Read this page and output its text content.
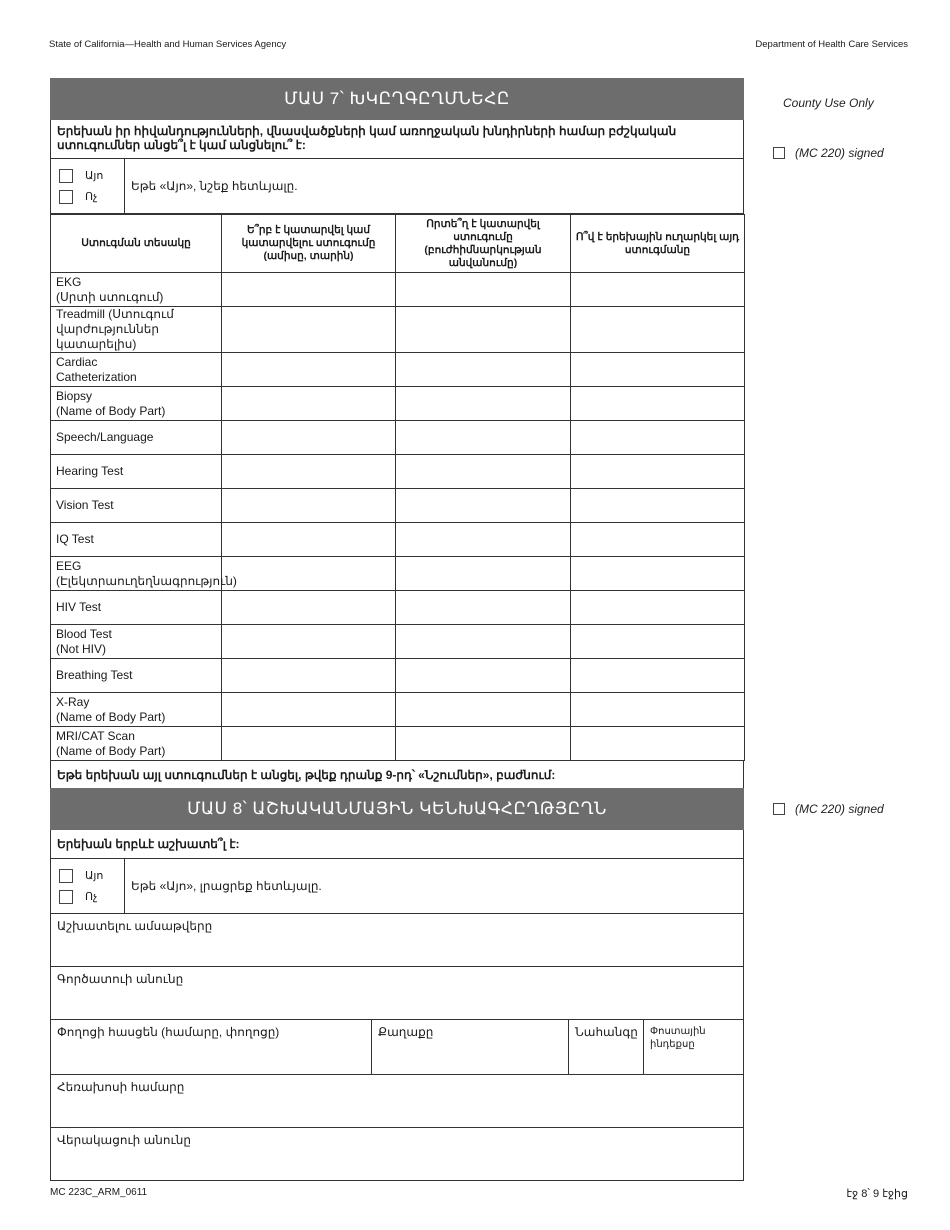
State of California—Health and Human Services Agency	Department of Health Care Services
ՄԱՍ 7՝ ԽԿԸՂԳԸՂՄՆԵՀԸ
Երեխան իր հիվանդությունների, վնասվածքների կամ առողջական խնդիրների համար բժշկական ստուգումներ անցե՞լ է կամ անցնելու՞ է:
Այո
Ոչ
Եթե «Այո», նշեք հետևյալը.
Ստուգման տեսակը	Ե՞րբ է կատարվել կամ կատարվելու ստուգումը (ամիսը, տարին)	Որտե՞ղ է կատարվել ստուգումը (բուժհիմնարկության անվանումը)	Ո՞վ է երեխային ուղարկել այդ ստուգմանը

EKG
(Սրտի ստուգում)			

Treadmill (Ստուգում
վարժություններ կատարելիս)			

Cardiac
Catheterization			

Biopsy
(Name of Body Part)			

Speech/Language			

Hearing Test			

Vision Test			

IQ Test			

EEG
(Էլեկտրաուղեղնագրություն)			

HIV Test			

Blood Test
(Not HIV)			

Breathing Test			

X-Ray
(Name of Body Part)			

MRI/CAT Scan
(Name of Body Part)			

Եթե երեխան այլ ստուգումներ է անցել, թվեք դրանք 9-րդ՝ «Նշումներ», բաժնում:
ՄԱՍ 8՝ ԱՇԽԱԿԱՆՄԱՅԻՆ ԿԵՆԽԱԳՀԸՂԹՅԸՂՆ
Երեխան երբևէ աշխատե՞լ է:
Այո
Ոչ
Եթե «Այո», լրացրեք հետևյալը.
Աշխատելու ամսաթվերը
Գործատուի անունը
Փողոցի հասցեն (համարը, փողոցը)	Քաղաքը	Նահանգը	Փոստային ինդեքսը
Հեռախոսի համարը
Վերակացուի անունը
County Use Only
(MC 220) signed
(MC 220) signed
MC 223C_ARM_0611	էջ 8՝ 9 էջից
